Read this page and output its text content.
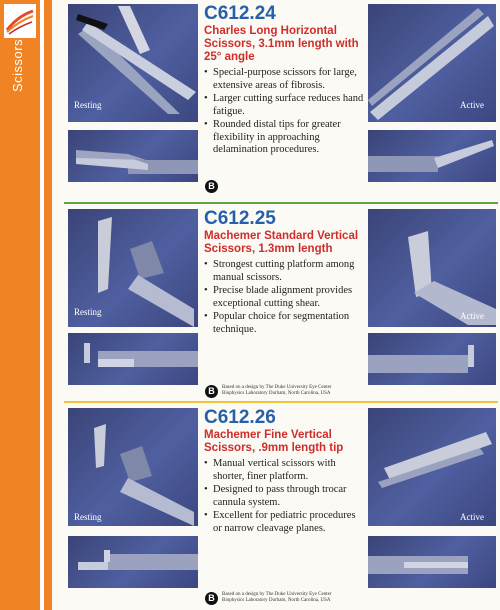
Scissors
Resting	Active

C612.24

Charles Long Horizontal Scissors, 3.1mm length with 25° angle

• Special-purpose scissors for large, extensive areas of fibrosis.
• Larger cutting surface reduces hand fatigue.
• Rounded distal tips for greater flexibility in approaching delamination procedures.
B
Resting	Active

C612.25

Machemer Standard Vertical Scissors, 1.3mm length

• Strongest cutting platform among manual scissors.
• Precise blade alignment provides exceptional cutting shear.
• Popular choice for segmentation technique.
B	Based on a design by The Duke University Eye Center Biophysics Laboratory Durham, North Carolina, USA
Resting	Active

C612.26

Machemer Fine Vertical Scissors, .9mm length tip

• Manual vertical scissors with shorter, finer platform.
• Designed to pass through trocar cannula system.
• Excellent for pediatric procedures or narrow cleavage planes.
B	Based on a design by The Duke University Eye Center Biophysics Laboratory Durham, North Carolina, USA
